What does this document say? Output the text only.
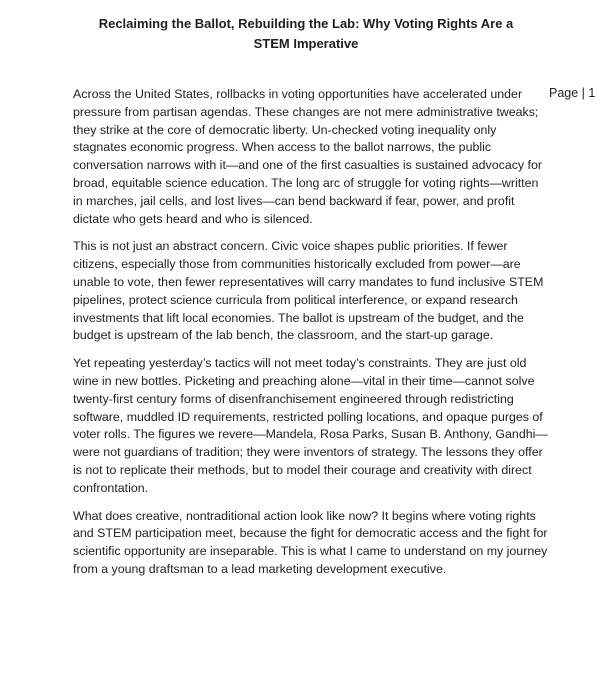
Reclaiming the Ballot, Rebuilding the Lab: Why Voting Rights Are a STEM Imperative
Page | 1

Across the United States, rollbacks in voting opportunities have accelerated under pressure from partisan agendas. These changes are not mere administrative tweaks; they strike at the core of democratic liberty. Un-checked voting inequality only stagnates economic progress. When access to the ballot narrows, the public conversation narrows with it—and one of the first casualties is sustained advocacy for broad, equitable science education. The long arc of struggle for voting rights—written in marches, jail cells, and lost lives—can bend backward if fear, power, and profit dictate who gets heard and who is silenced.

This is not just an abstract concern. Civic voice shapes public priorities. If fewer citizens, especially those from communities historically excluded from power—are unable to vote, then fewer representatives will carry mandates to fund inclusive STEM pipelines, protect science curricula from political interference, or expand research investments that lift local economies. The ballot is upstream of the budget, and the budget is upstream of the lab bench, the classroom, and the start-up garage.

Yet repeating yesterday’s tactics will not meet today’s constraints. They are just old wine in new bottles. Picketing and preaching alone—vital in their time—cannot solve twenty-first century forms of disenfranchisement engineered through redistricting software, muddled ID requirements, restricted polling locations, and opaque purges of voter rolls. The figures we revere—Mandela, Rosa Parks, Susan B. Anthony, Gandhi—were not guardians of tradition; they were inventors of strategy. The lessons they offer is not to replicate their methods, but to model their courage and creativity with direct confrontation.

What does creative, nontraditional action look like now? It begins where voting rights and STEM participation meet, because the fight for democratic access and the fight for scientific opportunity are inseparable. This is what I came to understand on my journey from a young draftsman to a lead marketing development executive.
